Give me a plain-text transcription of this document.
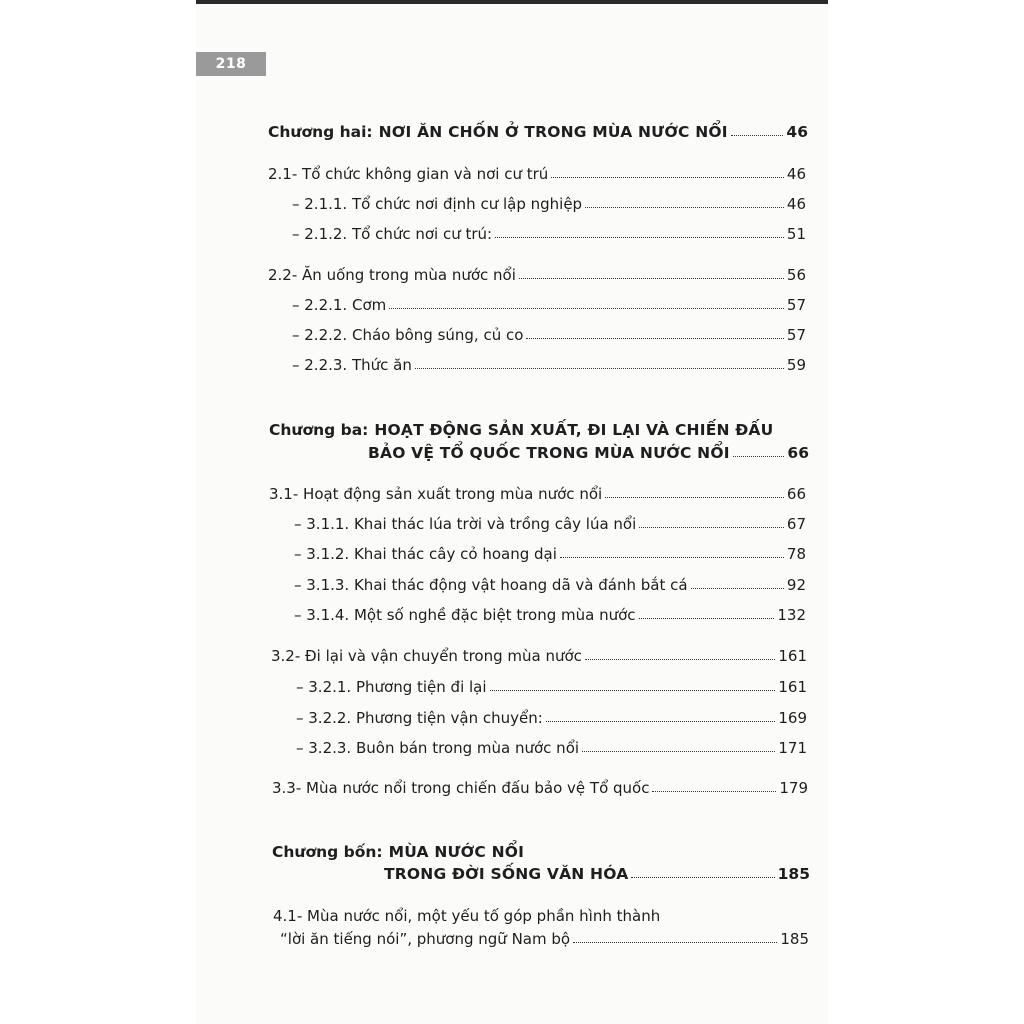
218
Chương hai: NƠI ĂN CHỐN Ở TRONG MÙA NƯỚC NỔI	46
2.1- Tổ chức không gian và nơi cư trú	46
– 2.1.1. Tổ chức nơi định cư lập nghiệp	46
– 2.1.2. Tổ chức nơi cư trú:	51
2.2- Ăn uống trong mùa nước nổi	56
– 2.2.1. Cơm	57
– 2.2.2. Cháo bông súng, củ co	57
– 2.2.3. Thức ăn	59
Chương ba: HOẠT ĐỘNG SẢN XUẤT, ĐI LẠI VÀ CHIẾN ĐẤU
BẢO VỆ TỔ QUỐC TRONG MÙA NƯỚC NỔI	66
3.1- Hoạt động sản xuất trong mùa nước nổi	66
– 3.1.1. Khai thác lúa trời và trồng cây lúa nổi	67
– 3.1.2. Khai thác cây cỏ hoang dại	78
– 3.1.3. Khai thác động vật hoang dã và đánh bắt cá	92
– 3.1.4. Một số nghề đặc biệt trong mùa nước	132
3.2- Đi lại và vận chuyển trong mùa nước	161
– 3.2.1. Phương tiện đi lại	161
– 3.2.2. Phương tiện vận chuyển:	169
– 3.2.3. Buôn bán trong mùa nước nổi	171
3.3- Mùa nước nổi trong chiến đấu bảo vệ Tổ quốc	179
Chương bốn: MÙA NƯỚC NỔI
TRONG ĐỜI SỐNG VĂN HÓA	185
4.1- Mùa nước nổi, một yếu tố góp phần hình thành
“lời ăn tiếng nói”, phương ngữ Nam bộ	185
